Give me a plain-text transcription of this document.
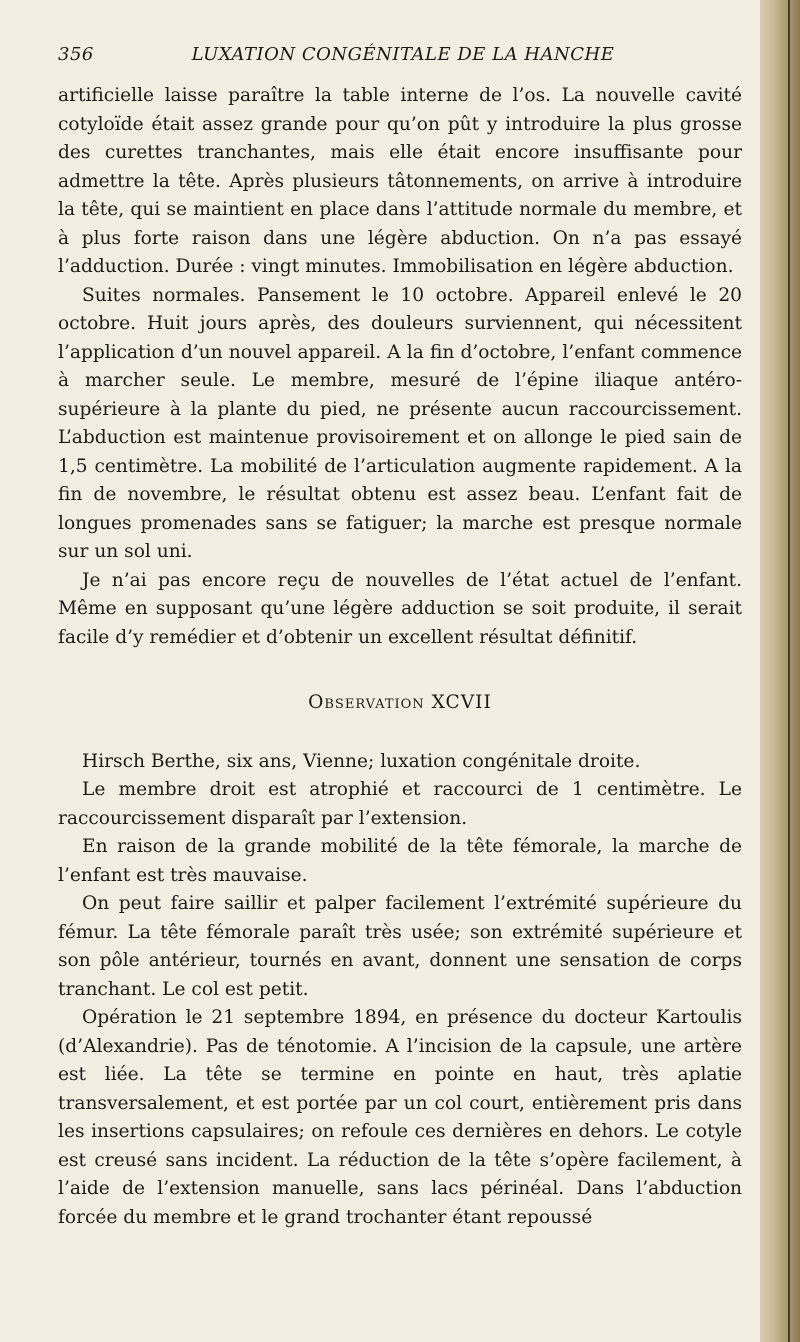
356	LUXATION CONGÉNITALE DE LA HANCHE

artificielle laisse paraître la table interne de l’os. La nouvelle cavité cotyloïde était assez grande pour qu’on pût y introduire la plus grosse des curettes tranchantes, mais elle était encore insuffisante pour admettre la tête. Après plusieurs tâtonnements, on arrive à introduire la tête, qui se maintient en place dans l’attitude normale du membre, et à plus forte raison dans une légère abduction. On n’a pas essayé l’adduction. Durée : vingt minutes. Immobilisation en légère abduction.

Suites normales. Pansement le 10 octobre. Appareil enlevé le 20 octobre. Huit jours après, des douleurs surviennent, qui nécessitent l’application d’un nouvel appareil. A la fin d’octobre, l’enfant commence à marcher seule. Le membre, mesuré de l’épine iliaque antéro-supérieure à la plante du pied, ne présente aucun raccourcissement. L’abduction est maintenue provisoirement et on allonge le pied sain de 1,5 centimètre. La mobilité de l’articulation augmente rapidement. A la fin de novembre, le résultat obtenu est assez beau. L’enfant fait de longues promenades sans se fatiguer; la marche est presque normale sur un sol uni.

Je n’ai pas encore reçu de nouvelles de l’état actuel de l’enfant. Même en supposant qu’une légère adduction se soit produite, il serait facile d’y remédier et d’obtenir un excellent résultat définitif.

Observation XCVII

Hirsch Berthe, six ans, Vienne; luxation congénitale droite.

Le membre droit est atrophié et raccourci de 1 centimètre. Le raccourcissement disparaît par l’extension.

En raison de la grande mobilité de la tête fémorale, la marche de l’enfant est très mauvaise.

On peut faire saillir et palper facilement l’extrémité supérieure du fémur. La tête fémorale paraît très usée; son extrémité supérieure et son pôle antérieur, tournés en avant, donnent une sensation de corps tranchant. Le col est petit.

Opération le 21 septembre 1894, en présence du docteur Kartoulis (d’Alexandrie). Pas de ténotomie. A l’incision de la capsule, une artère est liée. La tête se termine en pointe en haut, très aplatie transversalement, et est portée par un col court, entièrement pris dans les insertions capsulaires; on refoule ces dernières en dehors. Le cotyle est creusé sans incident. La réduction de la tête s’opère facilement, à l’aide de l’extension manuelle, sans lacs périnéal. Dans l’abduction forcée du membre et le grand trochanter étant repoussé
